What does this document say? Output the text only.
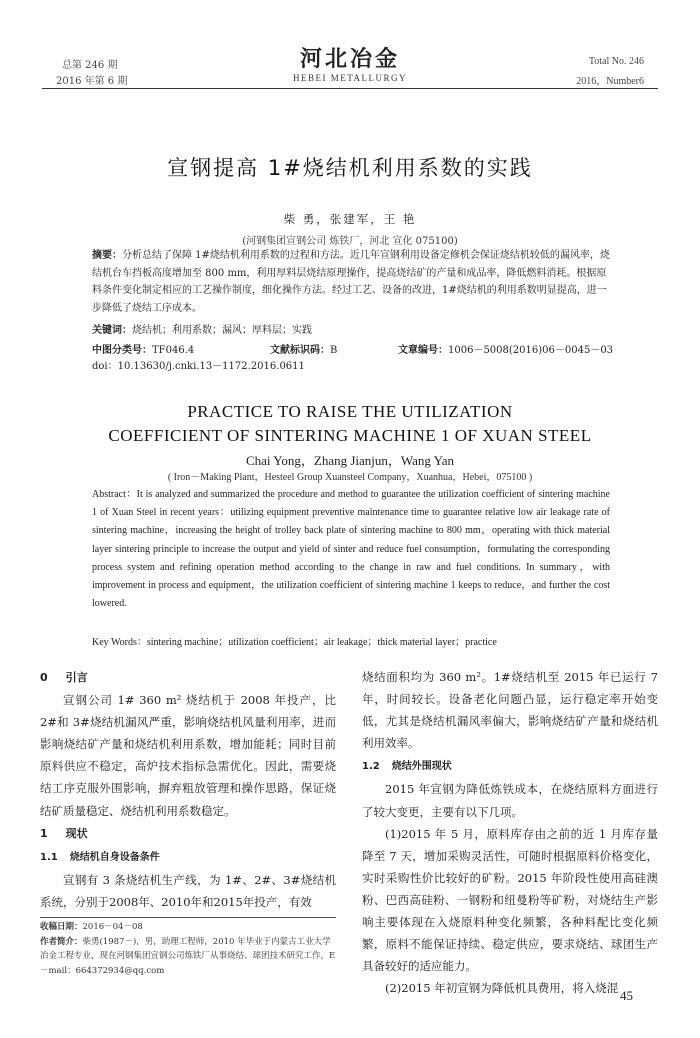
总第 246 期
2016 年第 6 期
河北冶金
HEBEI METALLURGY
Total No. 246
2016，Number6
宣钢提高 1#烧结机利用系数的实践
柴 勇，张建军，王 艳
(河钢集团宣钢公司 炼铁厂，河北 宣化 075100)
摘要：分析总结了保障 1#烧结机利用系数的过程和方法。近几年宣钢利用设备定修机会保证烧结机较低的漏风率，烧结机台车挡板高度增加至 800 mm，利用厚料层烧结原理操作，提高烧结矿的产量和成品率，降低燃料消耗。根据原料条件变化制定相应的工艺操作制度，细化操作方法。经过工艺、设备的改进，1#烧结机的利用系数明显提高，进一步降低了烧结工序成本。
关键词：烧结机；利用系数；漏风；厚料层；实践
中图分类号：TF046.4	文献标识码：B	文章编号：1006－5008(2016)06－0045－03
doi：10.13630/j.cnki.13－1172.2016.0611
PRACTICE TO RAISE THE UTILIZATION
COEFFICIENT OF SINTERING MACHINE 1 OF XUAN STEEL
Chai Yong，Zhang Jianjun，Wang Yan
( Iron－Making Plant，Hesteel Group Xuansteel Company，Xuanhua，Hebei，075100 )
Abstract：It is analyzed and summarized the procedure and method to guarantee the utilization coefficient of sintering machine 1 of Xuan Steel in recent years：utilizing equipment preventive maintenance time to guarantee relative low air leakage rate of sintering machine，increasing the height of trolley back plate of sintering machine to 800 mm，operating with thick material layer sintering principle to increase the output and yield of sinter and reduce fuel consumption，formulating the corresponding process system and refining operation method according to the change in raw and fuel conditions. In summary，with improvement in process and equipment，the utilization coefficient of sintering machine 1 keeps to reduce，and further the cost lowered.
Key Words：sintering machine；utilization coefficient；air leakage；thick material layer；practice

0 引言

宣钢公司 1# 360 m² 烧结机于 2008 年投产，比 2#和 3#烧结机漏风严重，影响烧结机风量利用率，进而影响烧结矿产量和烧结机利用系数，增加能耗；同时目前原料供应不稳定，高炉技术指标急需优化。因此，需要烧结工序克服外围影响，摒弃粗放管理和操作思路，保证烧结矿质量稳定、烧结机利用系数稳定。

1 现状

1.1 烧结机自身设备条件

宣钢有 3 条烧结机生产线，为 1#、2#、3#烧结机系统，分别于2008年、2010年和2015年投产，有效

收稿日期：2016－04－08
作者简介：柴勇(1987－)，男，助理工程师，2010 年毕业于内蒙古工业大学冶金工程专业，现在河钢集团宣钢公司炼铁厂从事烧结、球团技术研究工作，E－mail：664372934@qq.com

烧结面积均为 360 m²。1#烧结机至 2015 年已运行 7 年，时间较长。设备老化问题凸显，运行稳定率开始变低，尤其是烧结机漏风率偏大，影响烧结矿产量和烧结机利用效率。

1.2 烧结外围现状

2015 年宣钢为降低炼铁成本，在烧结原料方面进行了较大变更，主要有以下几项。

(1)2015 年 5 月，原料库存由之前的近 1 月库存量降至 7 天，增加采购灵活性，可随时根据原料价格变化，实时采购性价比较好的矿粉。2015 年阶段性使用高硅澳粉、巴西高硅粉、一钢粉和纽曼粉等矿粉，对烧结生产影响主要体现在入烧原料种变化频繁，各种料配比变化频繁，原料不能保证持续、稳定供应，要求烧结、球团生产具备较好的适应能力。

(2)2015 年初宣钢为降低机具费用，将入烧混 45
